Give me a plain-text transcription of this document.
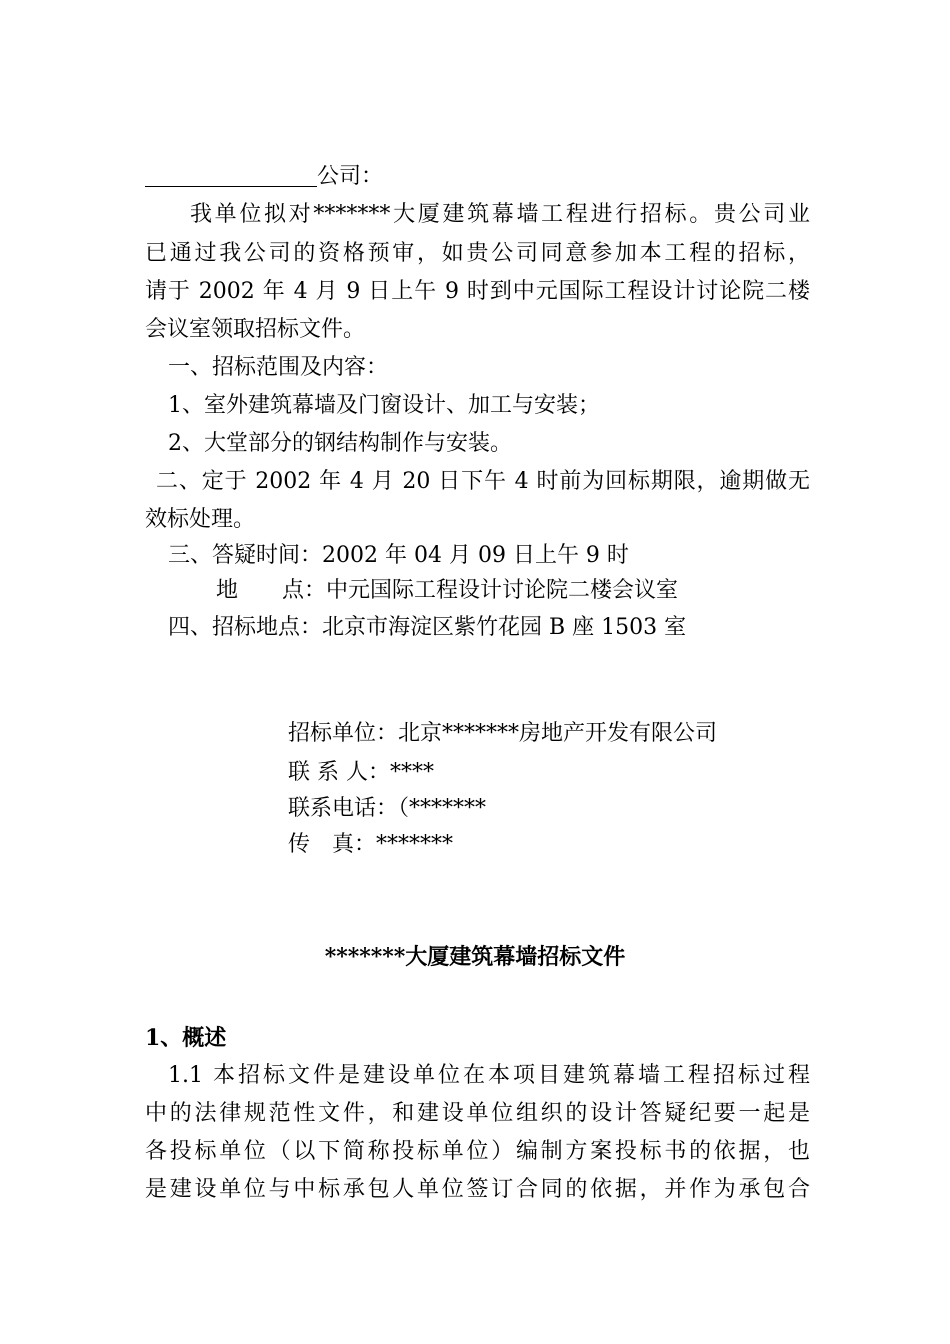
公司：
我单位拟对*******大厦建筑幕墙工程进行招标。贵公司业
已通过我公司的资格预审，如贵公司同意参加本工程的招标，
请于 2002 年 4 月 9 日上午 9 时到中元国际工程设计讨论院二楼
会议室领取招标文件。
一、招标范围及内容：
1、室外建筑幕墙及门窗设计、加工与安装；
2、大堂部分的钢结构制作与安装。
二、定于 2002 年 4 月 20 日下午 4 时前为回标期限，逾期做无
效标处理。
三、答疑时间：2002 年 04 月 09 日上午 9 时
地　　点：中元国际工程设计讨论院二楼会议室
四、招标地点：北京市海淀区紫竹花园 B 座 1503 室
招标单位：北京*******房地产开发有限公司
联 系 人：****
联系电话：（*******
传　真：*******
*******大厦建筑幕墙招标文件
1、概述
1.1 本招标文件是建设单位在本项目建筑幕墙工程招标过程
中的法律规范性文件，和建设单位组织的设计答疑纪要一起是
各投标单位（以下简称投标单位）编制方案投标书的依据，也
是建设单位与中标承包人单位签订合同的依据，并作为承包合
